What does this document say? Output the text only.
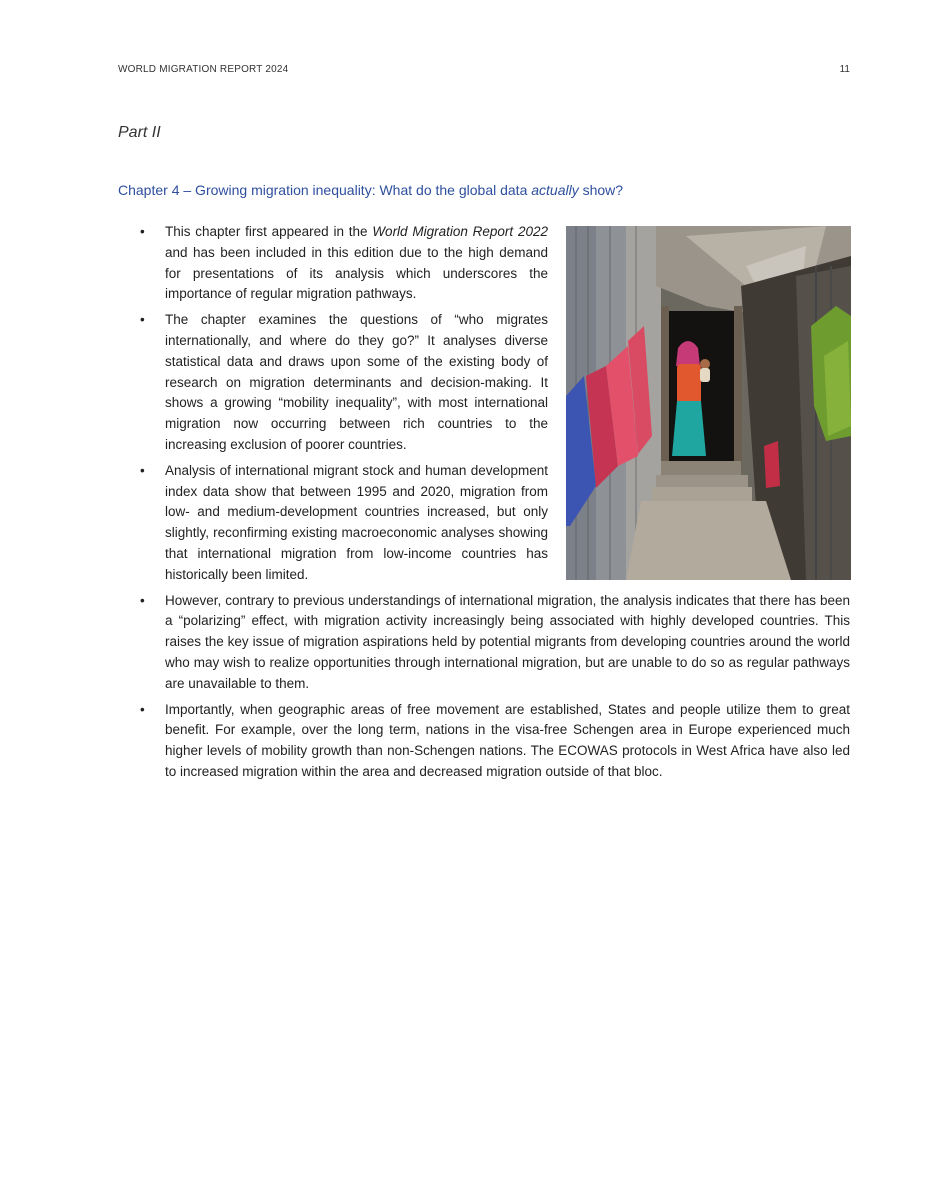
WORLD MIGRATION REPORT 2024	11
Part II
Chapter 4 – Growing migration inequality: What do the global data actually show?
• This chapter first appeared in the World Migration Report 2022 and has been included in this edition due to the high demand for presentations of its analysis which underscores the importance of regular migration pathways.
• The chapter examines the questions of “who migrates internationally, and where do they go?” It analyses diverse statistical data and draws upon some of the existing body of research on migration determinants and decision-making. It shows a growing “mobility inequality”, with most international migration now occurring between rich countries to the increasing exclusion of poorer countries.
• Analysis of international migrant stock and human development index data show that between 1995 and 2020, migration from low- and medium-development countries increased, but only slightly, reconfirming existing macroeconomic analyses showing that international migration from low-income countries has historically been limited.
• However, contrary to previous understandings of international migration, the analysis indicates that there has been a “polarizing” effect, with migration activity increasingly being associated with highly developed countries. This raises the key issue of migration aspirations held by potential migrants from developing countries around the world who may wish to realize opportunities through international migration, but are unable to do so as regular pathways are unavailable to them.
• Importantly, when geographic areas of free movement are established, States and people utilize them to great benefit. For example, over the long term, nations in the visa-free Schengen area in Europe experienced much higher levels of mobility growth than non-Schengen nations. The ECOWAS protocols in West Africa have also led to increased migration within the area and decreased migration outside of that bloc.
